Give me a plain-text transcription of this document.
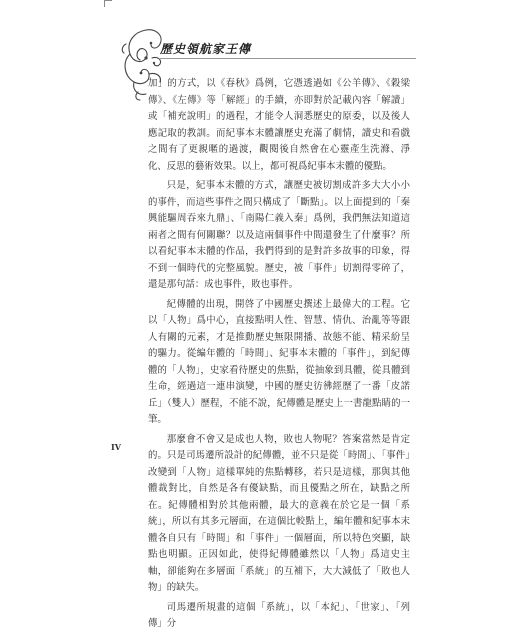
歷史領航家王傳

加」的方式，以《春秋》爲例，它憑透過如《公羊傳》、《穀梁傳》、《左傳》等「解經」的手續，亦即對於記載內容「解讀」或「補充說明」的過程，才能令人洞悉歷史的原委，以及後人應記取的教訓。而紀事本末體讓歷史充滿了劇情，讀史和看戲之間有了更親暱的過渡，觀閱後自然會在心靈產生洗滌、淨化、反思的藝術效果。以上，都可視爲紀事本末體的優點。

只是，紀事本末體的方式，讓歷史被切割成許多大大小小的事件，而這些事件之間只構成了「斷點」。以上面提到的「秦興能驅周吞來九鼎」、「南陽仁義入秦」爲例，我們無法知道這兩者之間有何關聯？以及這兩個事件中間還發生了什麼事？所以看紀事本末體的作品，我們得到的是對許多故事的印象，得不到一個時代的完整風貌。歷史，被「事件」切割得零碎了，還是那句話：成也事件，敗也事件。

紀傳體的出現，開啓了中國歷史撰述上最偉大的工程。它以「人物」爲中心，直接點明人性、智慧、情仇、治亂等等跟人有關的元素，才是推動歷史無限開播、故態不能、精采紛呈的驅力。從編年體的「時間」、紀事本末體的「事件」，到紀傳體的「人物」，史家看待歷史的焦點，從抽象到具體，從具體到生命，經過這一連串演變，中國的歷史彷彿經歷了一番「皮諾丘」（雙人）歷程，不能不說，紀傳體是歷史上一書龍點睛的一筆。

那麼會不會又是成也人物，敗也人物呢？答案當然是肯定的。只是司馬遷所設計的紀傳體，並不只是從「時間」、「事件」改變到「人物」這樣單純的焦點轉移，若只是這樣，那與其他體裁對比，自然是各有優缺點，而且優點之所在，缺點之所在。紀傳體相對於其他兩體，最大的意義在於它是一個「系統」，所以有其多元層面，在這個比較點上，編年體和紀事本末體各自只有「時間」和「事件」一個層面，所以特色突顯，缺點也明顯。正因如此，使得紀傳體雖然以「人物」爲這史主軸，卻能夠在多層面「系統」的互補下，大大減低了「敗也人物」的缺失。

司馬遷所規畫的這個「系統」，以「本紀」、「世家」、「列傳」分

IV
